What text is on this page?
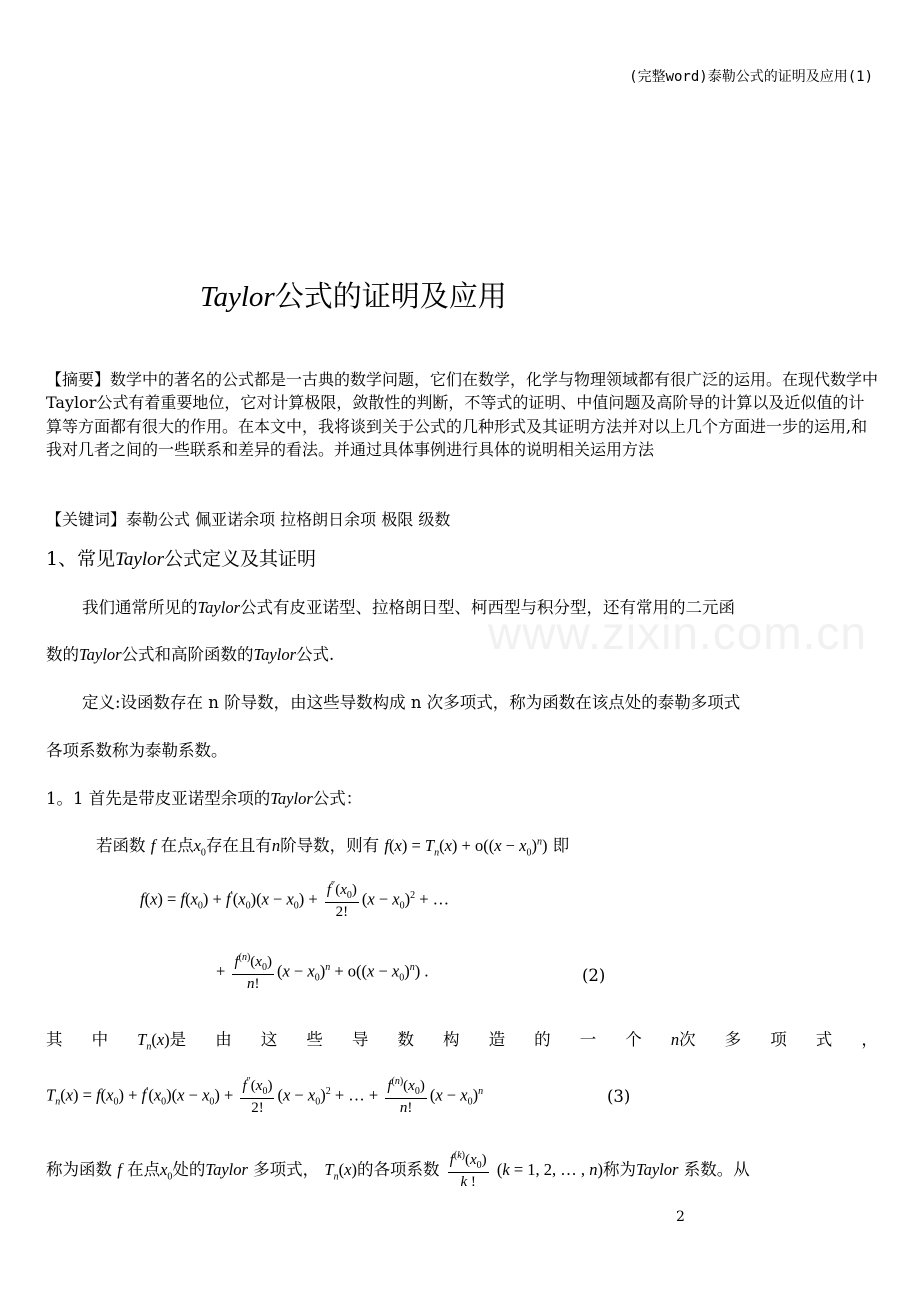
(完整word)泰勒公式的证明及应用(1)
www.zixin.com.cn
Taylor公式的证明及应用
【摘要】数学中的著名的公式都是一古典的数学问题，它们在数学，化学与物理领域都有很广泛的运用。在现代数学中Taylor公式有着重要地位，它对计算极限，敛散性的判断，不等式的证明、中值问题及高阶导的计算以及近似值的计算等方面都有很大的作用。在本文中，我将谈到关于公式的几种形式及其证明方法并对以上几个方面进一步的运用,和我对几者之间的一些联系和差异的看法。并通过具体事例进行具体的说明相关运用方法
【关键词】泰勒公式 佩亚诺余项 拉格朗日余项 极限 级数
1、常见Taylor公式定义及其证明
我们通常所见的Taylor公式有皮亚诺型、拉格朗日型、柯西型与积分型，还有常用的二元函
数的Taylor公式和高阶函数的Taylor公式.
定义:设函数存在 n 阶导数，由这些导数构成 n 次多项式，称为函数在该点处的泰勒多项式
各项系数称为泰勒系数。
1。1 首先是带皮亚诺型余项的Taylor公式：
若函数 f 在点$x_0$存在且有n阶导数，则有 $f(x) = T_n(x) + o((x - x_0)^n)$ 即
$f(x) = f(x_0) + f'(x_0)(x - x_0) + \frac{f''(x_0)}{2!} (x - x_0)^2$ + …
+ $\frac{f^{(n)}(x_0)}{n!} (x - x_0)^n + o((x - x_0)^n)$ .	(2)
其 中 $T_n(x)$是 由 这 些 导 数 构 造 的 一 个 n次 多 项 式 ，
$T_n(x) = f(x_0) + f'(x_0)(x - x_0) + \frac{f''(x_0)}{2!} (x - x_0)^2$ + … + $\frac{f^{(n)}(x_0)}{n!} (x - x_0)^n$	(3)
称为函数 f 在点$x_0$处的Taylor 多项式， $T_n(x)$的各项系数 $\frac{f^{(k)}(x_0)}{k !} (k = 1$, 2, … , n)称为Taylor 系数。从
2
